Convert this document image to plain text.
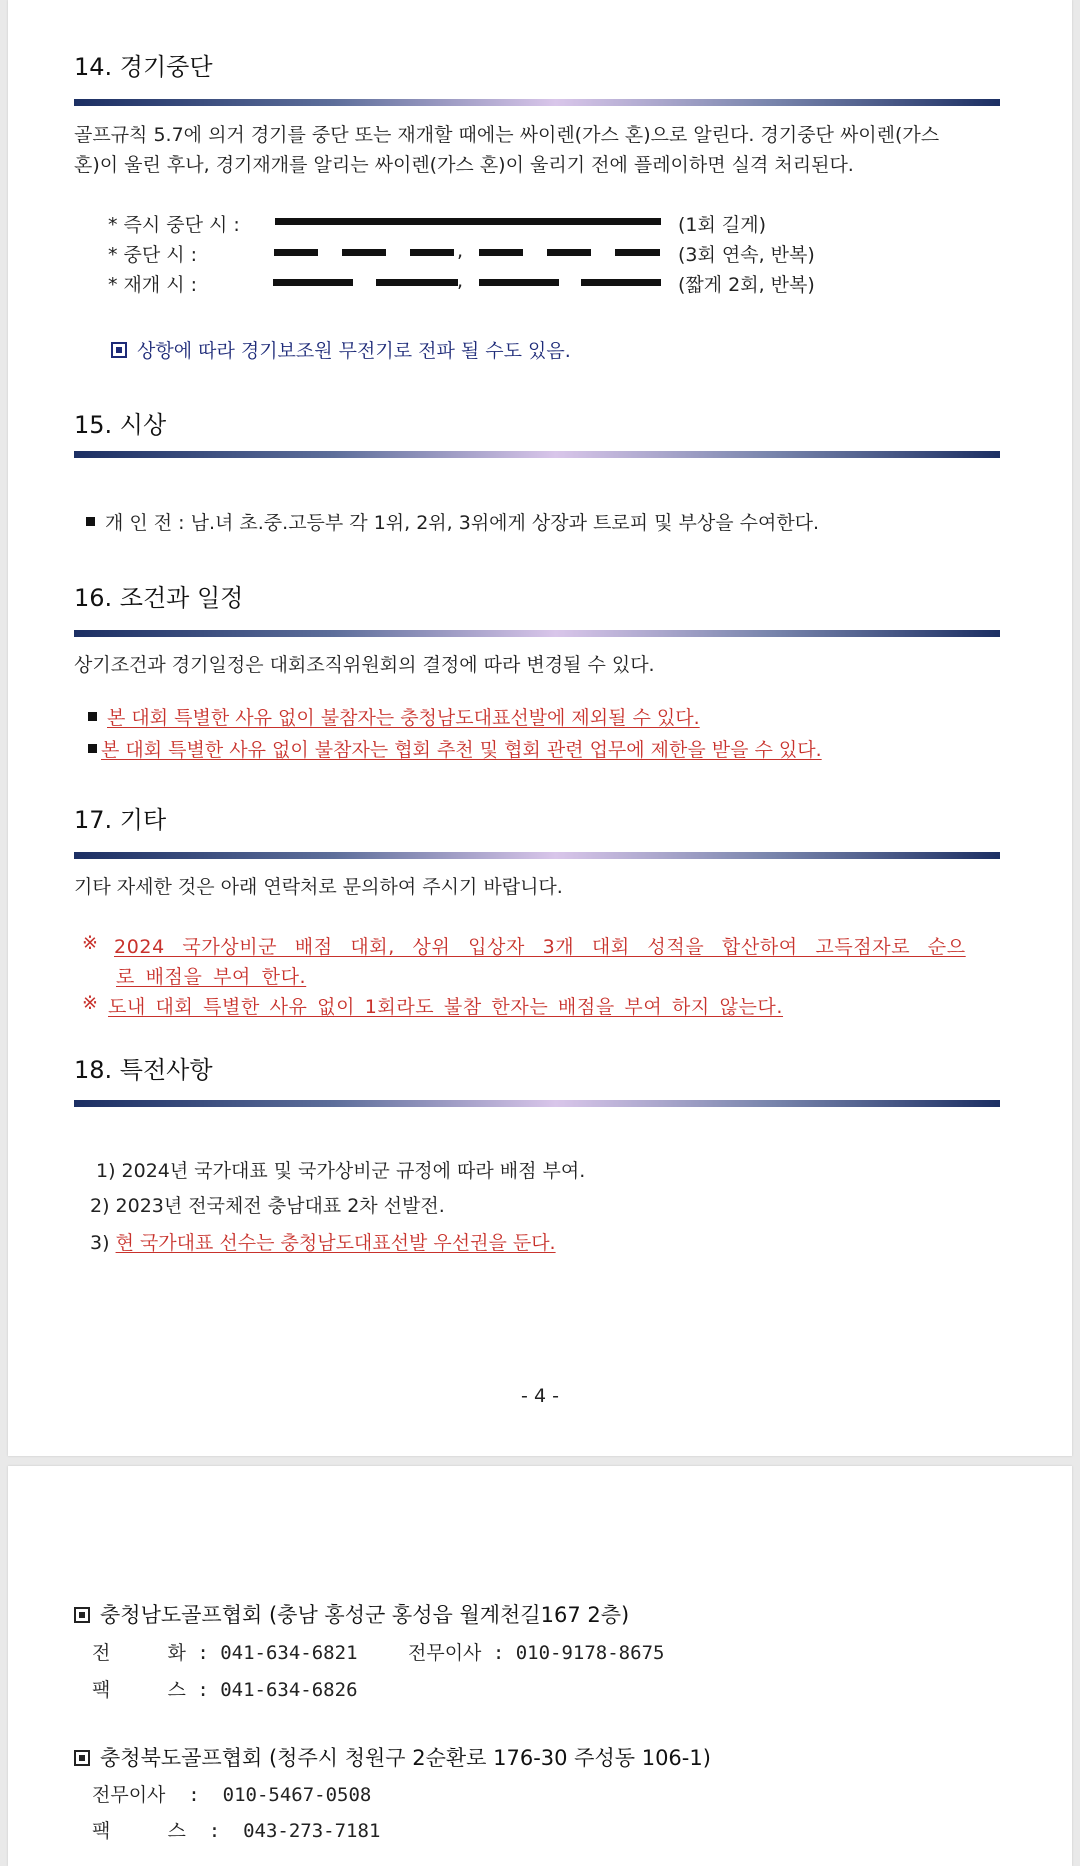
14. 경기중단
골프규칙 5.7에 의거 경기를 중단 또는 재개할 때에는 싸이렌(가스 혼)으로 알린다. 경기중단 싸이렌(가스
혼)이 울린 후나, 경기재개를 알리는 싸이렌(가스 혼)이 울리기 전에 플레이하면 실격 처리된다.
* 즉시 중단 시 :	(1회 길게)
* 중단 시 :	,	(3회 연속, 반복)
* 재개 시 :	,	(짧게 2회, 반복)
상항에 따라 경기보조원 무전기로 전파 될 수도 있음.
15. 시상
개 인 전 : 남.녀 초.중.고등부 각 1위, 2위, 3위에게 상장과 트로피 및 부상을 수여한다.
16. 조건과 일정
상기조건과 경기일정은 대회조직위원회의 결정에 따라 변경될 수 있다.
본 대회 특별한 사유 없이 불참자는 충청남도대표선발에 제외될 수 있다.
본 대회 특별한 사유 없이 불참자는 협회 추천 및 협회 관련 업무에 제한을 받을 수 있다.
17. 기타
기타 자세한 것은 아래 연락처로 문의하여 주시기 바랍니다.
※ 2024 국가상비군 배점 대회, 상위 입상자 3개 대회 성적을 합산하여 고득점자로 순으
로 배점을 부여 한다.
※ 도내 대회 특별한 사유 없이 1회라도 불참 한자는 배점을 부여 하지 않는다.
18. 특전사항
1) 2024년 국가대표 및 국가상비군 규정에 따라 배점 부여.
2) 2023년 전국체전 충남대표 2차 선발전.
3) 현 국가대표 선수는 충청남도대표선발 우선권을 둔다.
- 4 -
충청남도골프협회 (충남 홍성군 홍성읍 월계천길167 2층)
전     화 : 041-634-6821	전무이사 : 010-9178-8675
팩     스 : 041-634-6826
충청북도골프협회 (청주시 청원구 2순환로 176-30 주성동 106-1)
전무이사  :  010-5467-0508
팩     스  :  043-273-7181
